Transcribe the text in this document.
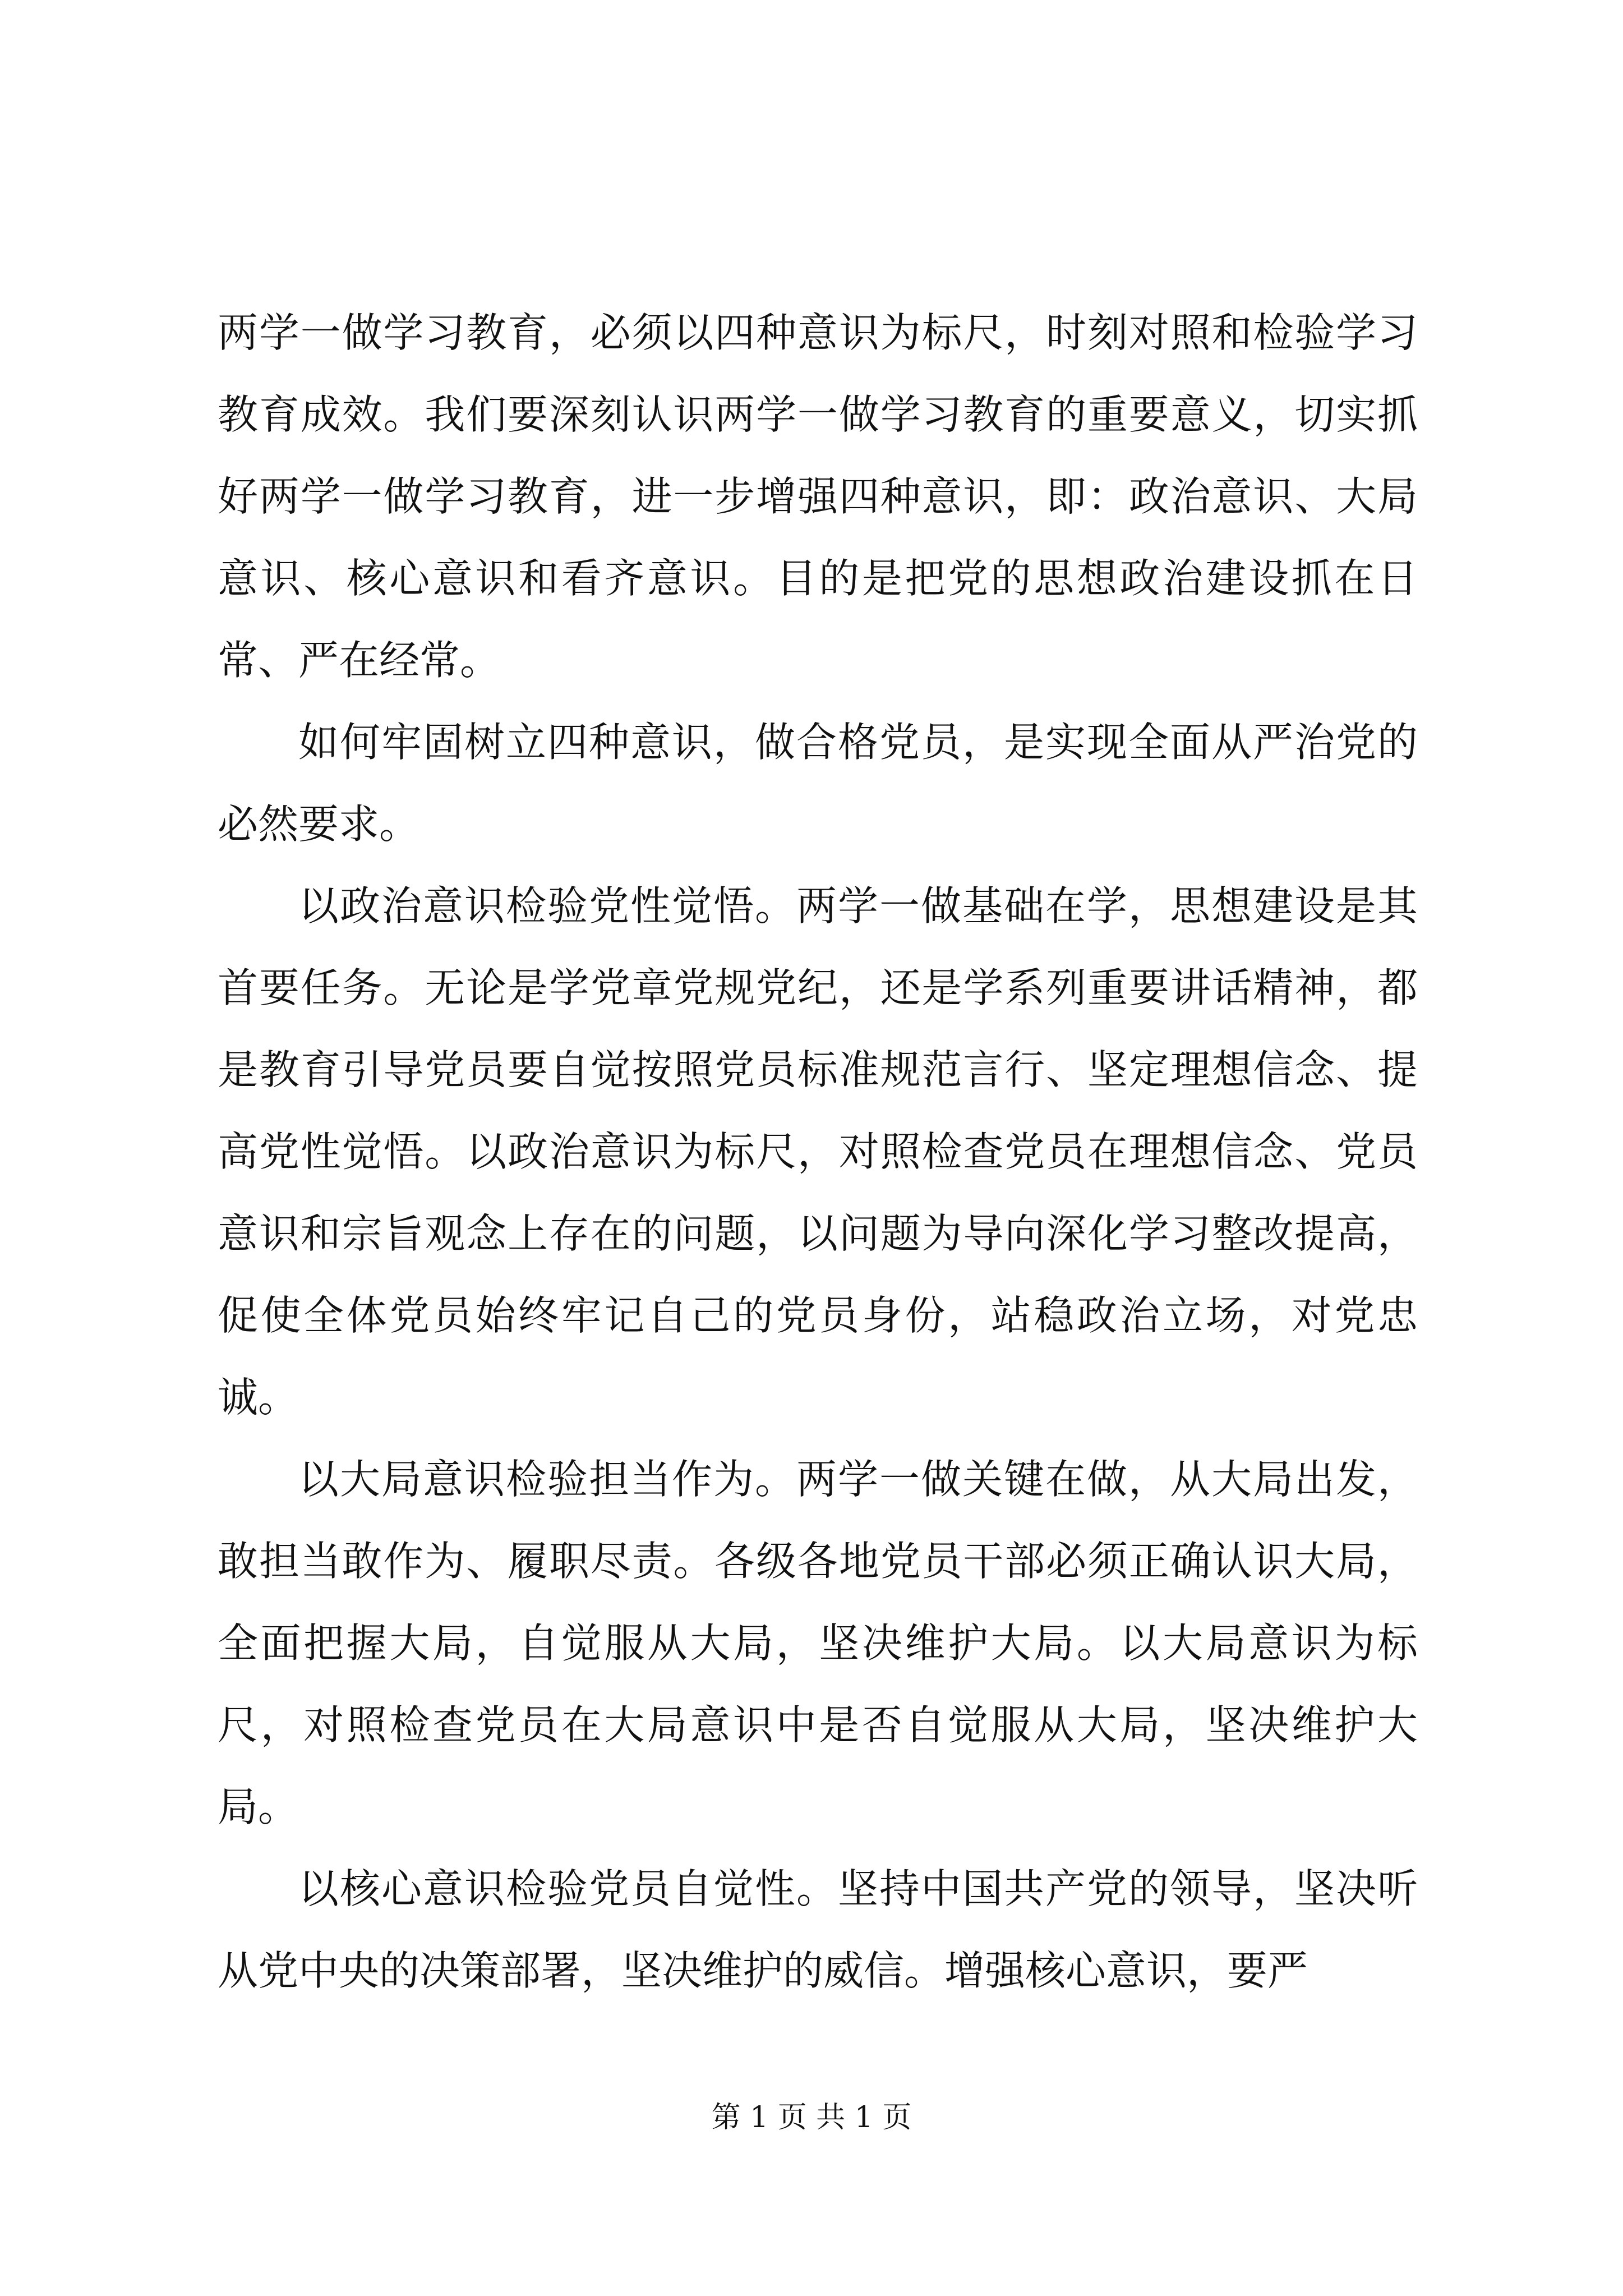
两学一做学习教育，必须以四种意识为标尺，时刻对照和检验学习教育成效。我们要深刻认识两学一做学习教育的重要意义，切实抓好两学一做学习教育，进一步增强四种意识，即：政治意识、大局意识、核心意识和看齐意识。目的是把党的思想政治建设抓在日常、严在经常。

如何牢固树立四种意识，做合格党员，是实现全面从严治党的必然要求。

以政治意识检验党性觉悟。两学一做基础在学，思想建设是其首要任务。无论是学党章党规党纪，还是学系列重要讲话精神，都是教育引导党员要自觉按照党员标准规范言行、坚定理想信念、提高党性觉悟。以政治意识为标尺，对照检查党员在理想信念、党员意识和宗旨观念上存在的问题，以问题为导向深化学习整改提高，促使全体党员始终牢记自己的党员身份，站稳政治立场，对党忠诚。

以大局意识检验担当作为。两学一做关键在做，从大局出发，敢担当敢作为、履职尽责。各级各地党员干部必须正确认识大局，全面把握大局，自觉服从大局，坚决维护大局。以大局意识为标尺，对照检查党员在大局意识中是否自觉服从大局，坚决维护大局。

以核心意识检验党员自觉性。坚持中国共产党的领导，坚决听从党中央的决策部署，坚决维护的威信。增强核心意识，要严

第 1 页 共 1 页
